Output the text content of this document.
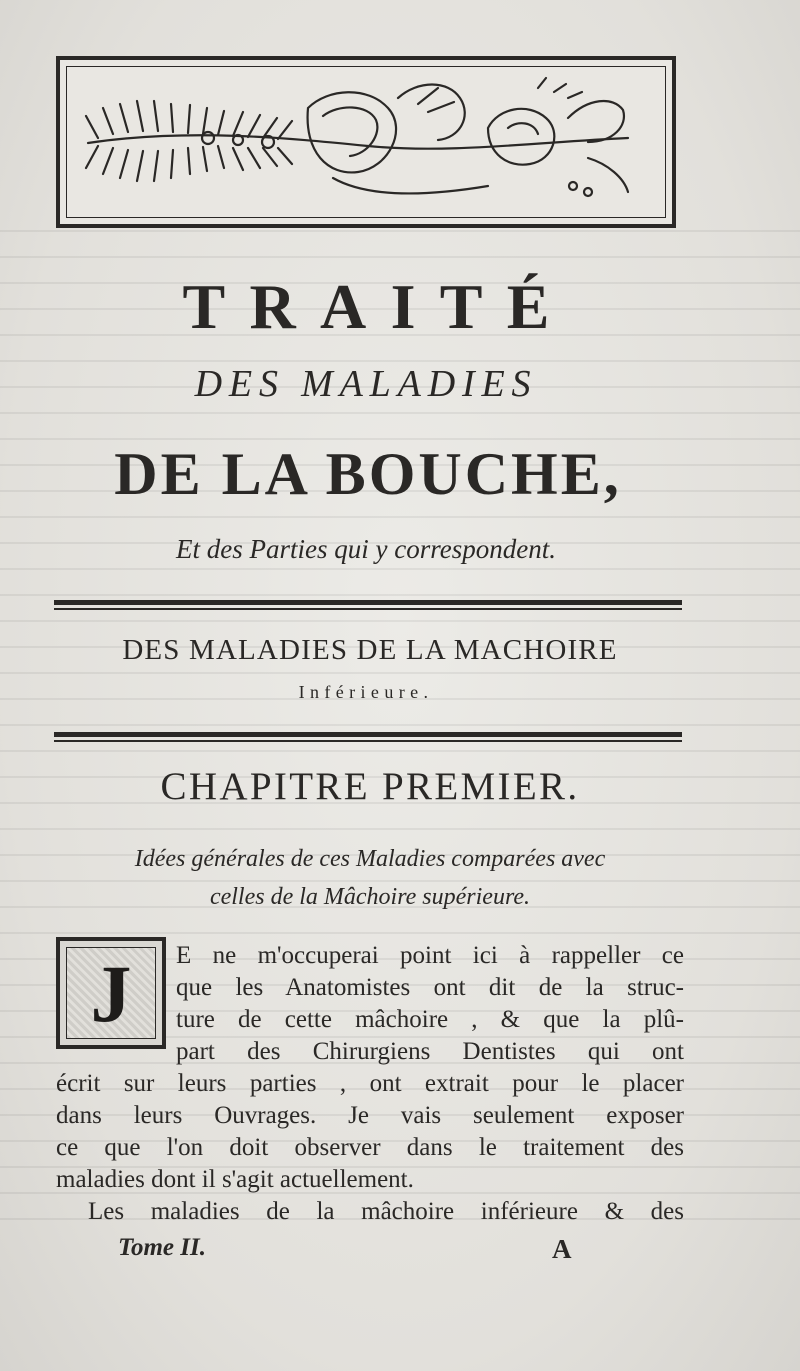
TRAITÉ
DES MALADIES
DE LA BOUCHE,
Et des Parties qui y correspondent.
DES MALADIES DE LA MACHOIRE
Inférieure.
CHAPITRE PREMIER.
Idées générales de ces Maladies comparées avec
celles de la Mâchoire supérieure.
J	E ne m'occuperai point ici à rappeller ce
que les Anatomistes ont dit de la struc-
ture de cette mâchoire , & que la plû-
part des Chirurgiens Dentistes qui ont
écrit sur leurs parties , ont extrait pour le placer
dans leurs Ouvrages. Je vais seulement exposer
ce que l'on doit observer dans le traitement des
maladies dont il s'agit actuellement.
Les maladies de la mâchoire inférieure & des
Tome II.	A
